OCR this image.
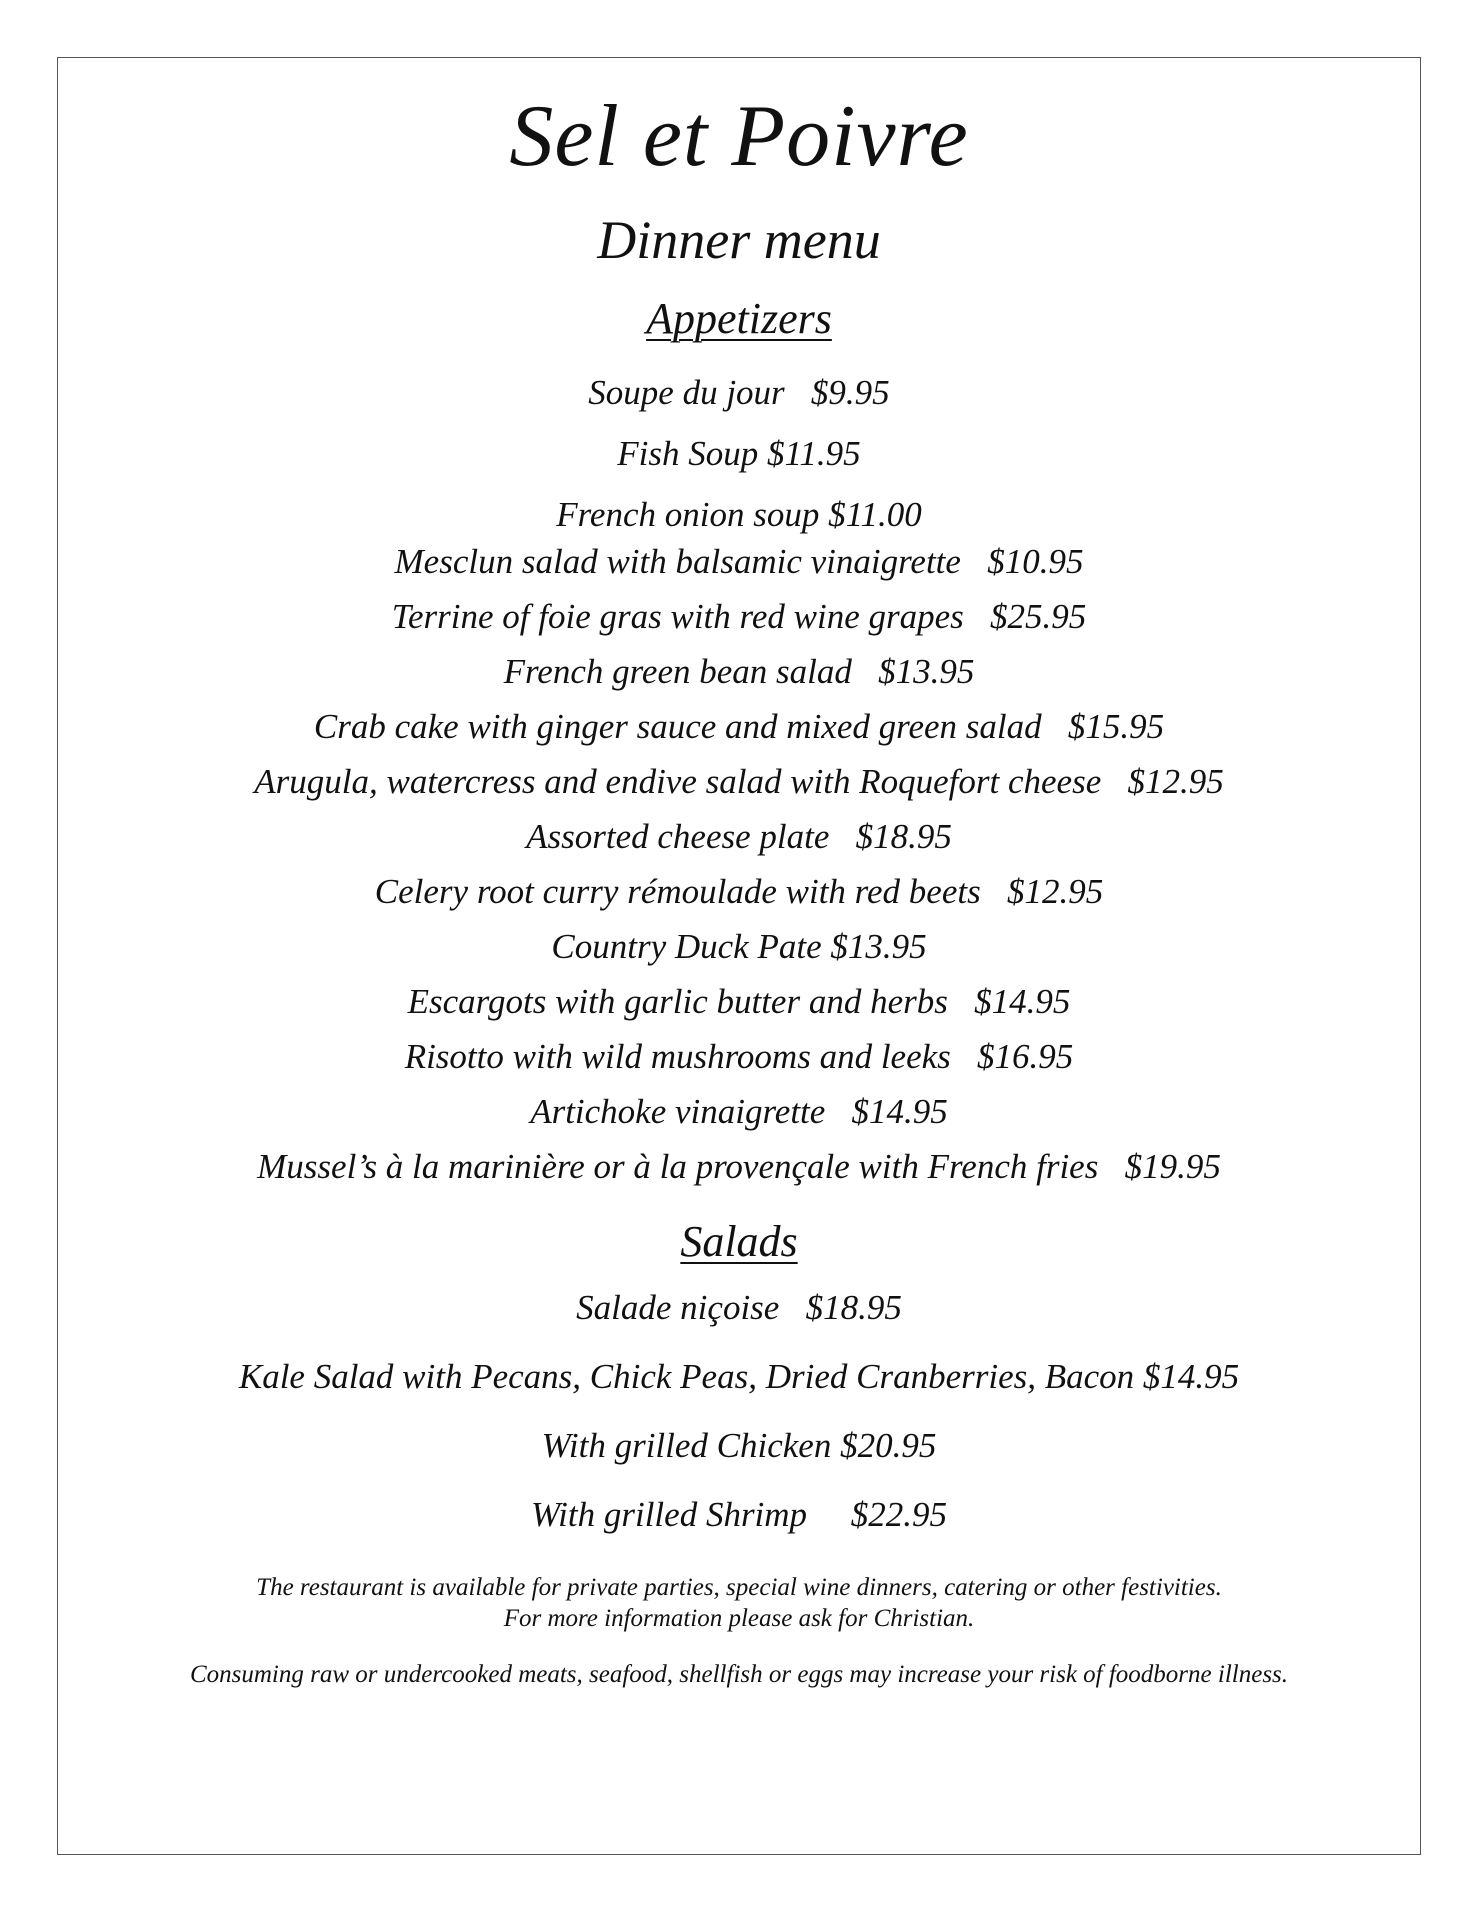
Sel et Poivre
Dinner menu
Appetizers
Soupe du jour   $9.95
Fish Soup $11.95
French onion soup $11.00
Mesclun salad with balsamic vinaigrette   $10.95
Terrine of foie gras with red wine grapes   $25.95
French green bean salad   $13.95
Crab cake with ginger sauce and mixed green salad   $15.95
Arugula, watercress and endive salad with Roquefort cheese   $12.95
Assorted cheese plate   $18.95
Celery root curry rémoulade with red beets   $12.95
Country Duck Pate $13.95
Escargots with garlic butter and herbs   $14.95
Risotto with wild mushrooms and leeks   $16.95
Artichoke vinaigrette   $14.95
Mussel’s à la marinière or à la provençale with French fries   $19.95
Salads
Salade niçoise   $18.95
Kale Salad with Pecans, Chick Peas, Dried Cranberries, Bacon $14.95
With grilled Chicken $20.95
With grilled Shrimp     $22.95
The restaurant is available for private parties, special wine dinners, catering or other festivities.
For more information please ask for Christian.
Consuming raw or undercooked meats, seafood, shellfish or eggs may increase your risk of foodborne illness.
